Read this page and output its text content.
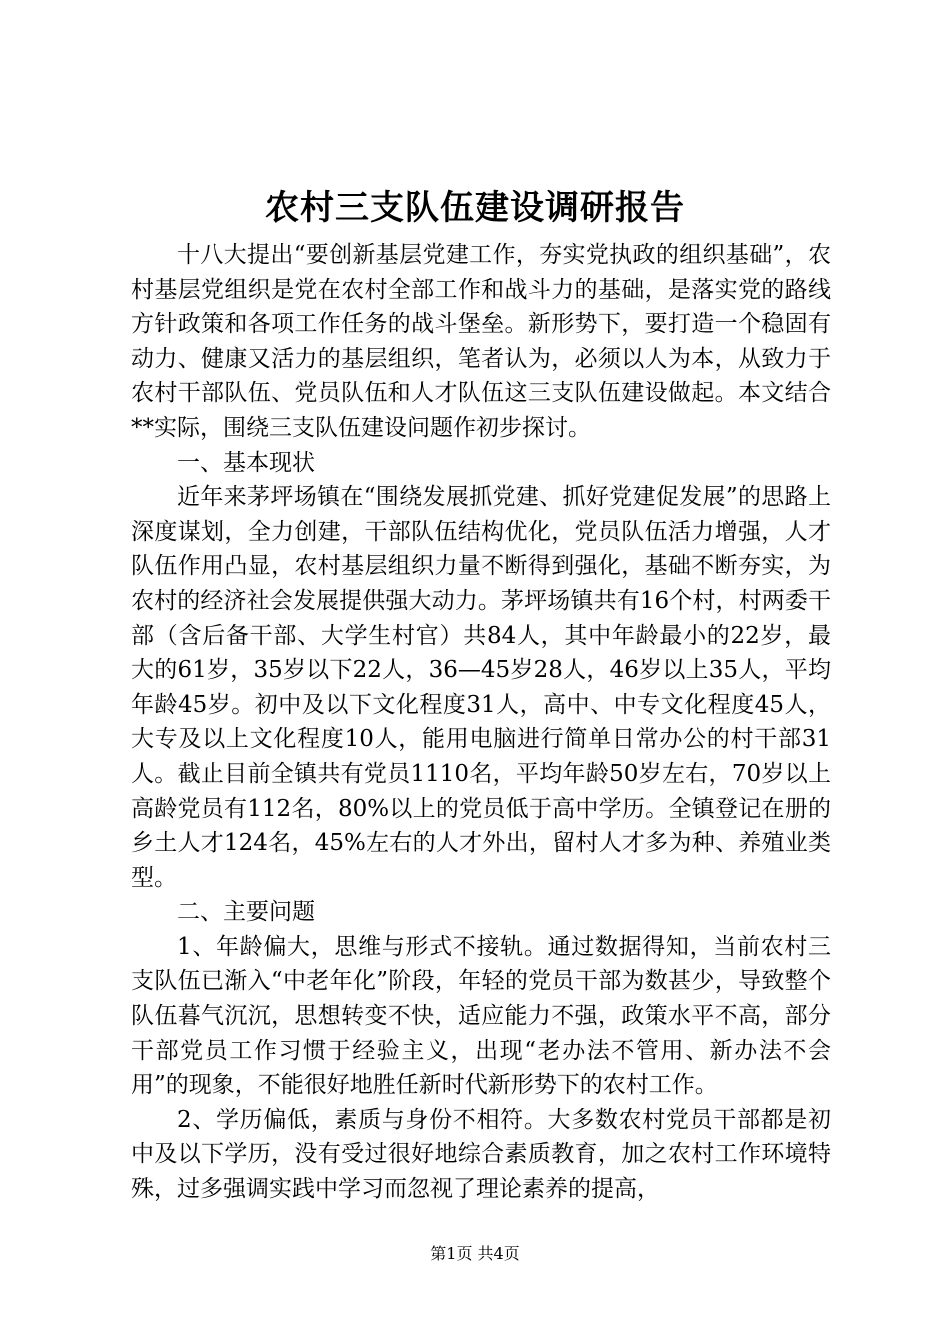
农村三支队伍建设调研报告

十八大提出“要创新基层党建工作，夯实党执政的组织基础”，农村基层党组织是党在农村全部工作和战斗力的基础，是落实党的路线方针政策和各项工作任务的战斗堡垒。新形势下，要打造一个稳固有动力、健康又活力的基层组织，笔者认为，必须以人为本，从致力于农村干部队伍、党员队伍和人才队伍这三支队伍建设做起。本文结合**实际，围绕三支队伍建设问题作初步探讨。

一、基本现状

近年来茅坪场镇在“围绕发展抓党建、抓好党建促发展”的思路上深度谋划，全力创建，干部队伍结构优化，党员队伍活力增强，人才队伍作用凸显，农村基层组织力量不断得到强化，基础不断夯实，为农村的经济社会发展提供强大动力。茅坪场镇共有16个村，村两委干部（含后备干部、大学生村官）共84人，其中年龄最小的22岁，最大的61岁，35岁以下22人，36—45岁28人，46岁以上35人，平均年龄45岁。初中及以下文化程度31人，高中、中专文化程度45人，大专及以上文化程度10人，能用电脑进行简单日常办公的村干部31人。截止目前全镇共有党员1110名，平均年龄50岁左右，70岁以上高龄党员有112名，80%以上的党员低于高中学历。全镇登记在册的乡土人才124名，45%左右的人才外出，留村人才多为种、养殖业类型。

二、主要问题

1、年龄偏大，思维与形式不接轨。通过数据得知，当前农村三支队伍已渐入“中老年化”阶段，年轻的党员干部为数甚少，导致整个队伍暮气沉沉，思想转变不快，适应能力不强，政策水平不高，部分干部党员工作习惯于经验主义，出现“老办法不管用、新办法不会用”的现象，不能很好地胜任新时代新形势下的农村工作。

2、学历偏低，素质与身份不相符。大多数农村党员干部都是初中及以下学历，没有受过很好地综合素质教育，加之农村工作环境特殊，过多强调实践中学习而忽视了理论素养的提高，

第1页 共4页
